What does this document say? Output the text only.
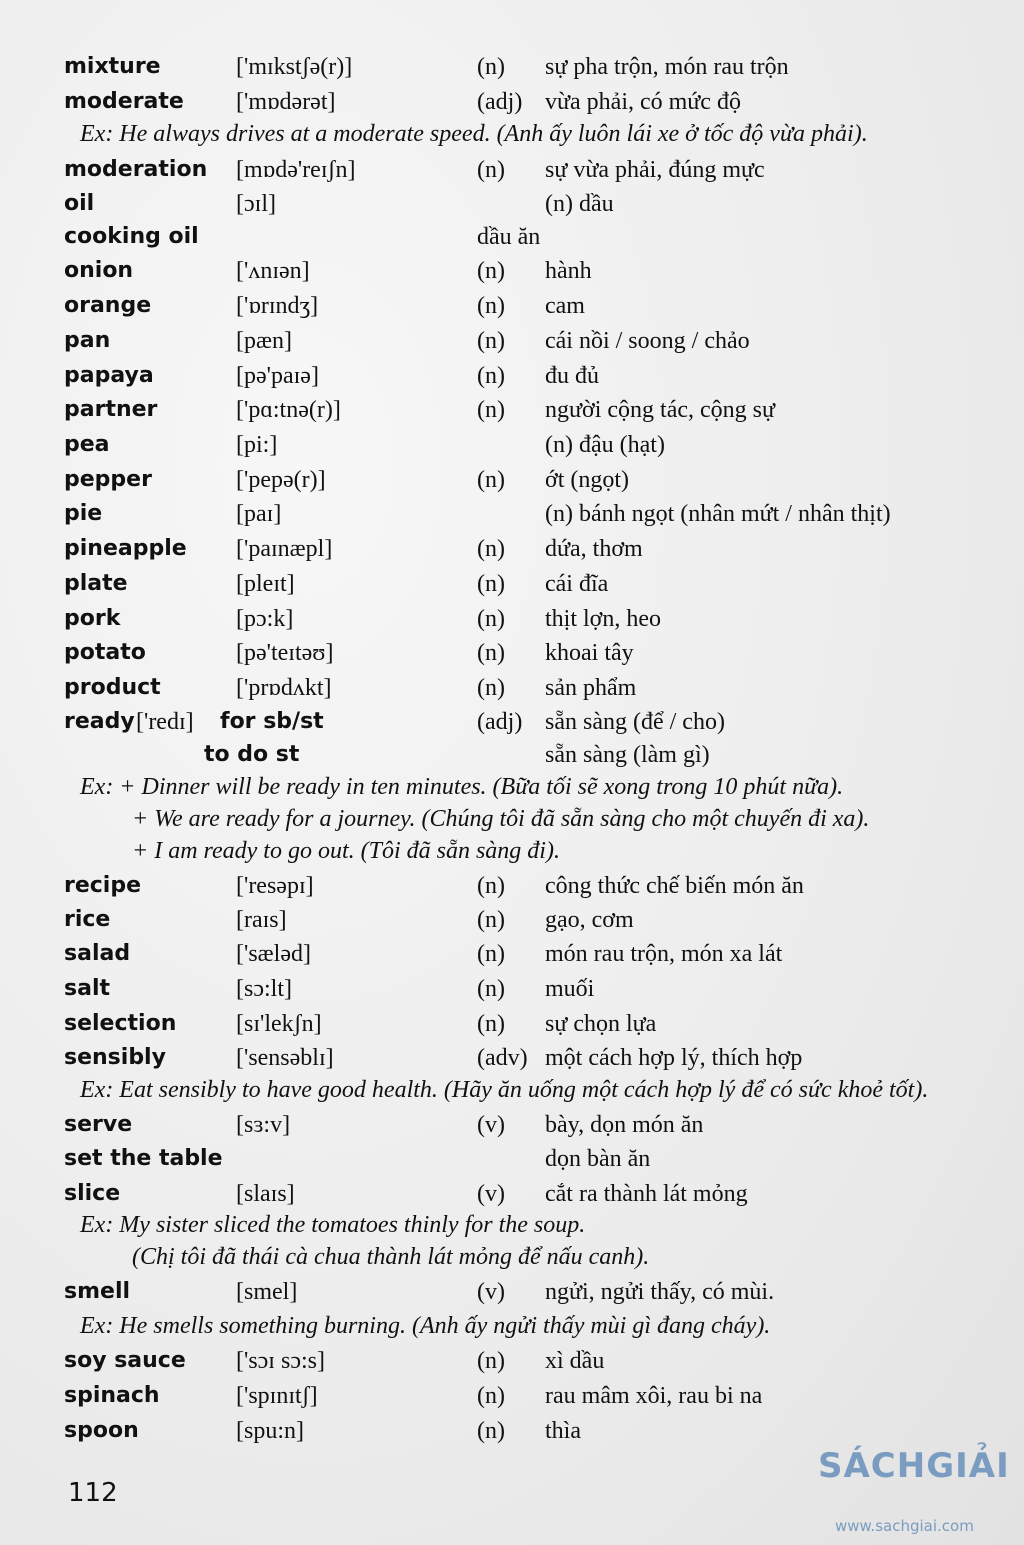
mixture	['mɪkstʃə(r)]	(n) sự pha trộn, món rau trộn
moderate ['mɒdərət]	(adj) vừa phải, có mức độ
moderation [mɒdə'reɪʃn]	(n) sự vừa phải, đúng mực
oil	[ɔɪl]	(n) dầu
cooking oil	dầu ăn
onion	['ʌnɪən]	(n) hành
orange	['ɒrɪndʒ]	(n) cam
pan	[pæn]	(n) cái nồi / soong / chảo
papaya	[pə'paɪə]	(n) đu đủ
partner	['pɑ:tnə(r)]	(n) người cộng tác, cộng sự
pea	[pi:]	(n) đậu (hạt)
pepper	['pepə(r)]	(n) ớt (ngọt)
pie	[paɪ]	(n) bánh ngọt (nhân mứt / nhân thịt)
pineapple ['paɪnæpl]	(n) dứa, thơm
plate	[pleɪt]	(n) cái đĩa
pork	[pɔ:k]	(n) thịt lợn, heo
potato	[pə'teɪtəʊ]	(n) khoai tây
product	['prɒdʌkt]	(n) sản phẩm
Ex: He always drives at a moderate speed. (Anh ấy luôn lái xe ở tốc độ vừa phải).
ready ['redɪ] for sb/st	(adj) sẵn sàng (để / cho)
to do st	sẵn sàng (làm gì)
Ex: + Dinner will be ready in ten minutes. (Bữa tối sẽ xong trong 10 phút nữa).
+ We are ready for a journey. (Chúng tôi đã sẵn sàng cho một chuyến đi xa).
+ I am ready to go out. (Tôi đã sẵn sàng đi).
recipe	['resəpɪ]	(n) công thức chế biến món ăn
rice	[raɪs]	(n) gạo, cơm
salad	['sæləd]	(n) món rau trộn, món xa lát
salt	[sɔ:lt]	(n) muối
selection [sɪ'lekʃn]	(n) sự chọn lựa
sensibly	['sensəblɪ]	(adv) một cách hợp lý, thích hợp
serve	[sɜ:v]	(v) bày, dọn món ăn
set the table	dọn bàn ăn
slice	[slaɪs]	(v) cắt ra thành lát mỏng
smell	[smel]	(v) ngửi, ngửi thấy, có mùi.
soy sauce ['sɔɪ sɔ:s]	(n) xì dầu
spinach	['spɪnɪtʃ]	(n) rau mâm xôi, rau bi na
spoon	[spu:n]	(n) thìa
Ex: Eat sensibly to have good health. (Hãy ăn uống một cách hợp lý để có sức khoẻ tốt).
Ex: My sister sliced the tomatoes thinly for the soup.
(Chị tôi đã thái cà chua thành lát mỏng để nấu canh).
Ex: He smells something burning. (Anh ấy ngửi thấy mùi gì đang cháy).
112
SÁCHGIẢI
www.sachgiai.com
